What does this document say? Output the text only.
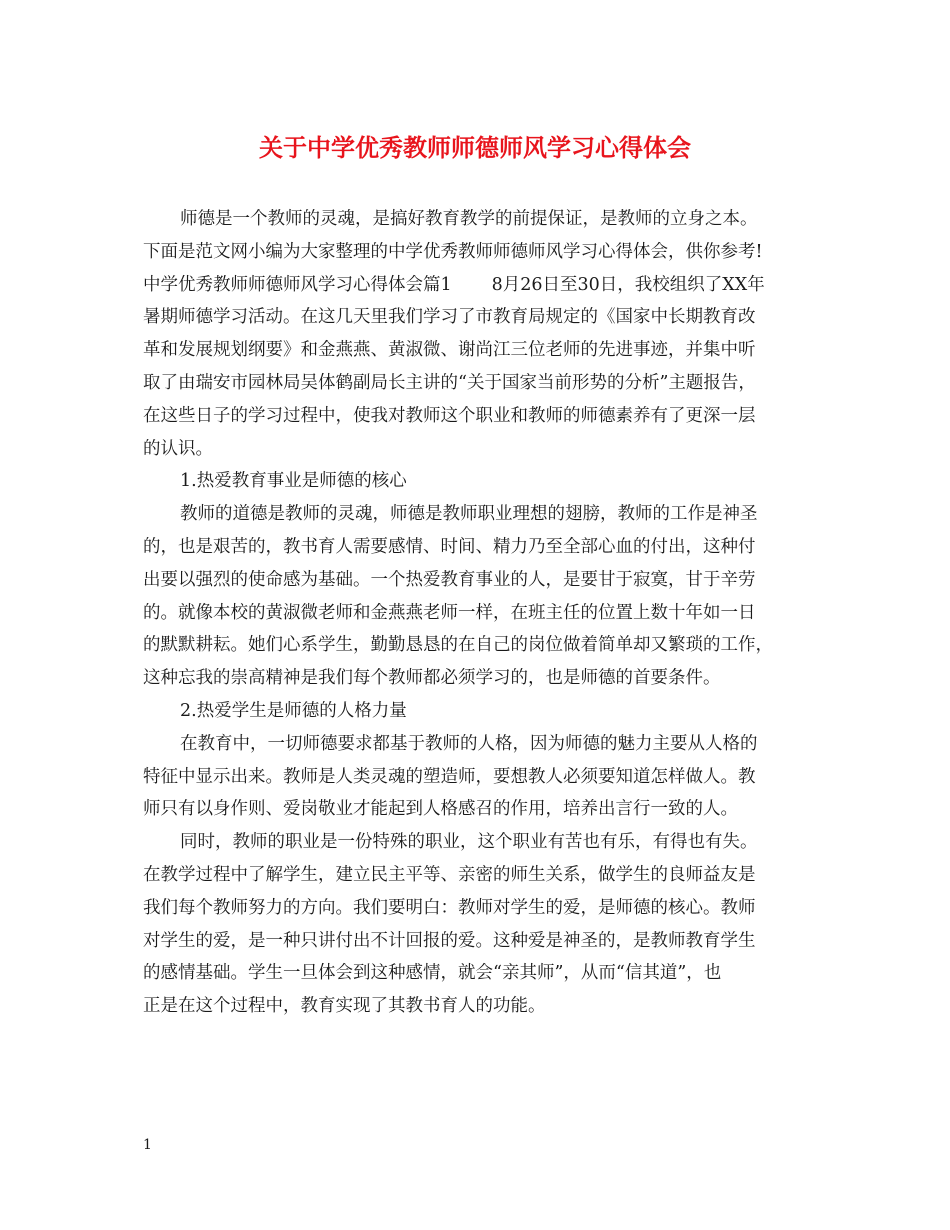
关于中学优秀教师师德师风学习心得体会

师德是一个教师的灵魂，是搞好教育教学的前提保证，是教师的立身之本。

下面是范文网小编为大家整理的中学优秀教师师德师风学习心得体会，供你参考!

中学优秀教师师德师风学习心得体会篇1 8月26日至30日，我校组织了XX年

暑期师德学习活动。在这几天里我们学习了市教育局规定的《国家中长期教育改

革和发展规划纲要》和金燕燕、黄淑微、谢尚江三位老师的先进事迹，并集中听

取了由瑞安市园林局吴体鹤副局长主讲的“关于国家当前形势的分析”主题报告，

在这些日子的学习过程中，使我对教师这个职业和教师的师德素养有了更深一层

的认识。

1.热爱教育事业是师德的核心

教师的道德是教师的灵魂，师德是教师职业理想的翅膀，教师的工作是神圣

的，也是艰苦的，教书育人需要感情、时间、精力乃至全部心血的付出，这种付

出要以强烈的使命感为基础。一个热爱教育事业的人，是要甘于寂寞，甘于辛劳

的。就像本校的黄淑微老师和金燕燕老师一样，在班主任的位置上数十年如一日

的默默耕耘。她们心系学生，勤勤恳恳的在自己的岗位做着简单却又繁琐的工作，

这种忘我的崇高精神是我们每个教师都必须学习的，也是师德的首要条件。

2.热爱学生是师德的人格力量

在教育中，一切师德要求都基于教师的人格，因为师德的魅力主要从人格的

特征中显示出来。教师是人类灵魂的塑造师，要想教人必须要知道怎样做人。教

师只有以身作则、爱岗敬业才能起到人格感召的作用，培养出言行一致的人。

同时，教师的职业是一份特殊的职业，这个职业有苦也有乐，有得也有失。

在教学过程中了解学生，建立民主平等、亲密的师生关系，做学生的良师益友是

我们每个教师努力的方向。我们要明白：教师对学生的爱，是师德的核心。教师

对学生的爱，是一种只讲付出不计回报的爱。这种爱是神圣的，是教师教育学生

的感情基础。学生一旦体会到这种感情，就会“亲其师”，从而“信其道”，也

正是在这个过程中，教育实现了其教书育人的功能。

1
